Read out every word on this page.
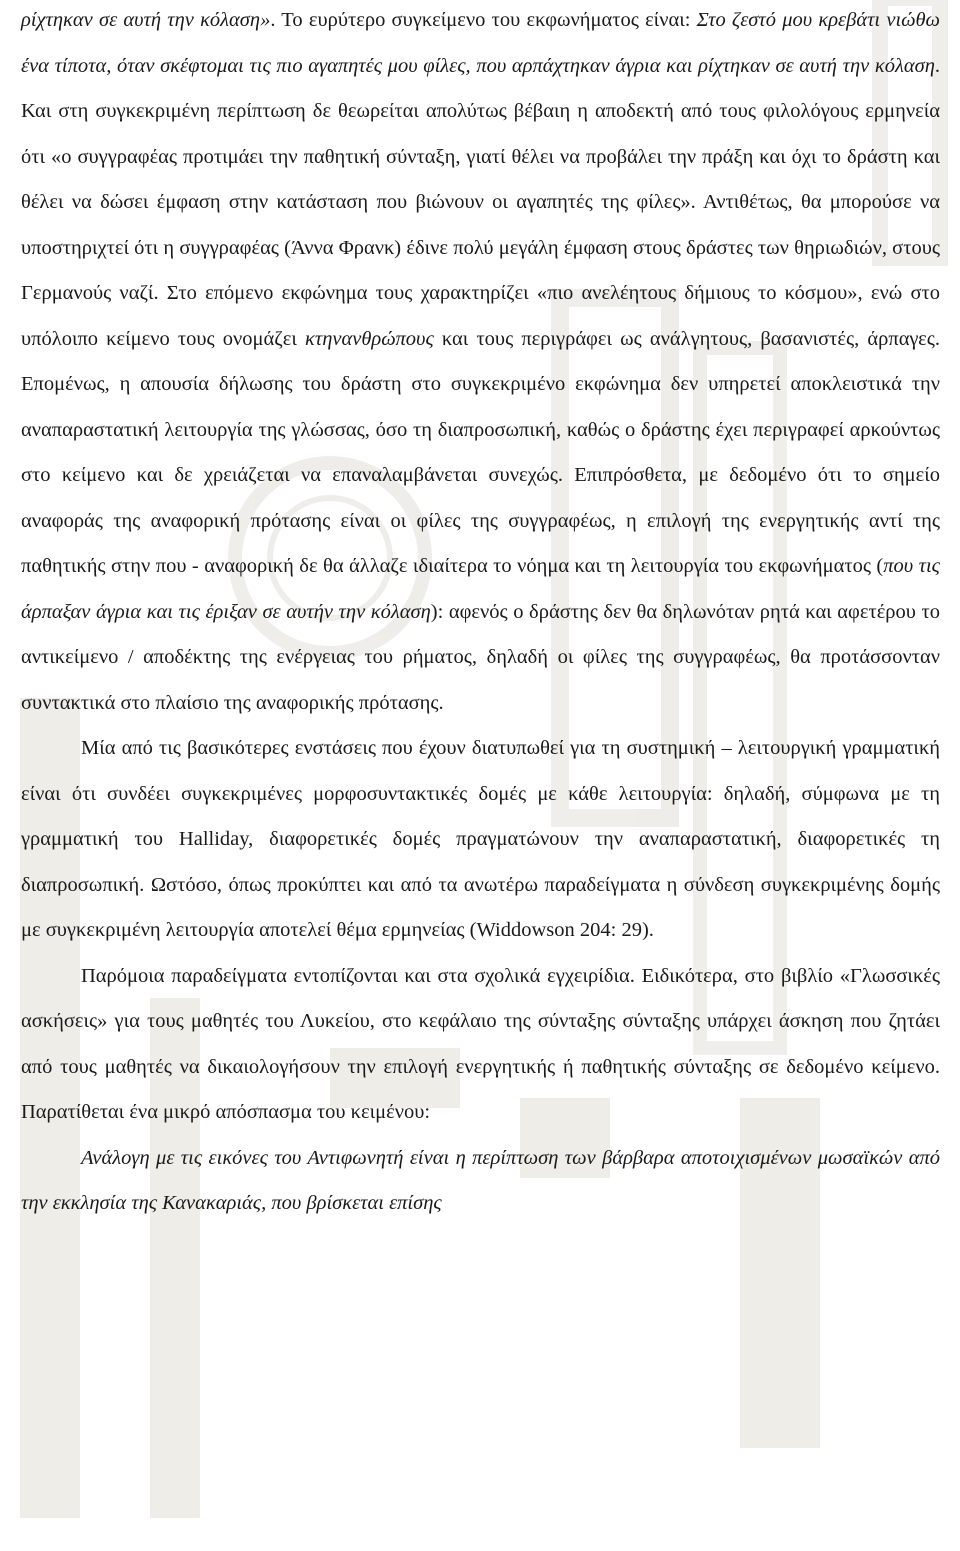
ρίχτηκαν σε αυτή την κόλαση». Το ευρύτερο συγκείμενο του εκφωνήματος είναι: Στο ζεστό μου κρεβάτι νιώθω ένα τίποτα, όταν σκέφτομαι τις πιο αγαπητές μου φίλες, που αρπάχτηκαν άγρια και ρίχτηκαν σε αυτή την κόλαση. Και στη συγκεκριμένη περίπτωση δε θεωρείται απολύτως βέβαιη η αποδεκτή από τους φιλολόγους ερμηνεία ότι «ο συγγραφέας προτιμάει την παθητική σύνταξη, γιατί θέλει να προβάλει την πράξη και όχι το δράστη και θέλει να δώσει έμφαση στην κατάσταση που βιώνουν οι αγαπητές της φίλες». Αντιθέτως, θα μπορούσε να υποστηριχτεί ότι η συγγραφέας (Άννα Φρανκ) έδινε πολύ μεγάλη έμφαση στους δράστες των θηριωδιών, στους Γερμανούς ναζί. Στο επόμενο εκφώνημα τους χαρακτηρίζει «πιο ανελέητους δήμιους το κόσμου», ενώ στο υπόλοιπο κείμενο τους ονομάζει κτηνανθρώπους και τους περιγράφει ως ανάλγητους, βασανιστές, άρπαγες. Επομένως, η απουσία δήλωσης του δράστη στο συγκεκριμένο εκφώνημα δεν υπηρετεί αποκλειστικά την αναπαραστατική λειτουργία της γλώσσας, όσο τη διαπροσωπική, καθώς ο δράστης έχει περιγραφεί αρκούντως στο κείμενο και δε χρειάζεται να επαναλαμβάνεται συνεχώς. Επιπρόσθετα, με δεδομένο ότι το σημείο αναφοράς της αναφορική πρότασης είναι οι φίλες της συγγραφέως, η επιλογή της ενεργητικής αντί της παθητικής στην που - αναφορική δε θα άλλαζε ιδιαίτερα το νόημα και τη λειτουργία του εκφωνήματος (που τις άρπαξαν άγρια και τις έριξαν σε αυτήν την κόλαση): αφενός ο δράστης δεν θα δηλωνόταν ρητά και αφετέρου το αντικείμενο / αποδέκτης της ενέργειας του ρήματος, δηλαδή οι φίλες της συγγραφέως, θα προτάσσονταν συντακτικά στο πλαίσιο της αναφορικής πρότασης.

Μία από τις βασικότερες ενστάσεις που έχουν διατυπωθεί για τη συστημική – λειτουργική γραμματική είναι ότι συνδέει συγκεκριμένες μορφοσυντακτικές δομές με κάθε λειτουργία: δηλαδή, σύμφωνα με τη γραμματική του Halliday, διαφορετικές δομές πραγματώνουν την αναπαραστατική, διαφορετικές τη διαπροσωπική. Ωστόσο, όπως προκύπτει και από τα ανωτέρω παραδείγματα η σύνδεση συγκεκριμένης δομής με συγκεκριμένη λειτουργία αποτελεί θέμα ερμηνείας (Widdowson 204: 29).

Παρόμοια παραδείγματα εντοπίζονται και στα σχολικά εγχειρίδια. Ειδικότερα, στο βιβλίο «Γλωσσικές ασκήσεις» για τους μαθητές του Λυκείου, στο κεφάλαιο της σύνταξης σύνταξης υπάρχει άσκηση που ζητάει από τους μαθητές να δικαιολογήσουν την επιλογή ενεργητικής ή παθητικής σύνταξης σε δεδομένο κείμενο. Παρατίθεται ένα μικρό απόσπασμα του κειμένου:

Ανάλογη με τις εικόνες του Αντιφωνητή είναι η περίπτωση των βάρβαρα αποτοιχισμένων μωσαϊκών από την εκκλησία της Κανακαριάς, που βρίσκεται επίσης
